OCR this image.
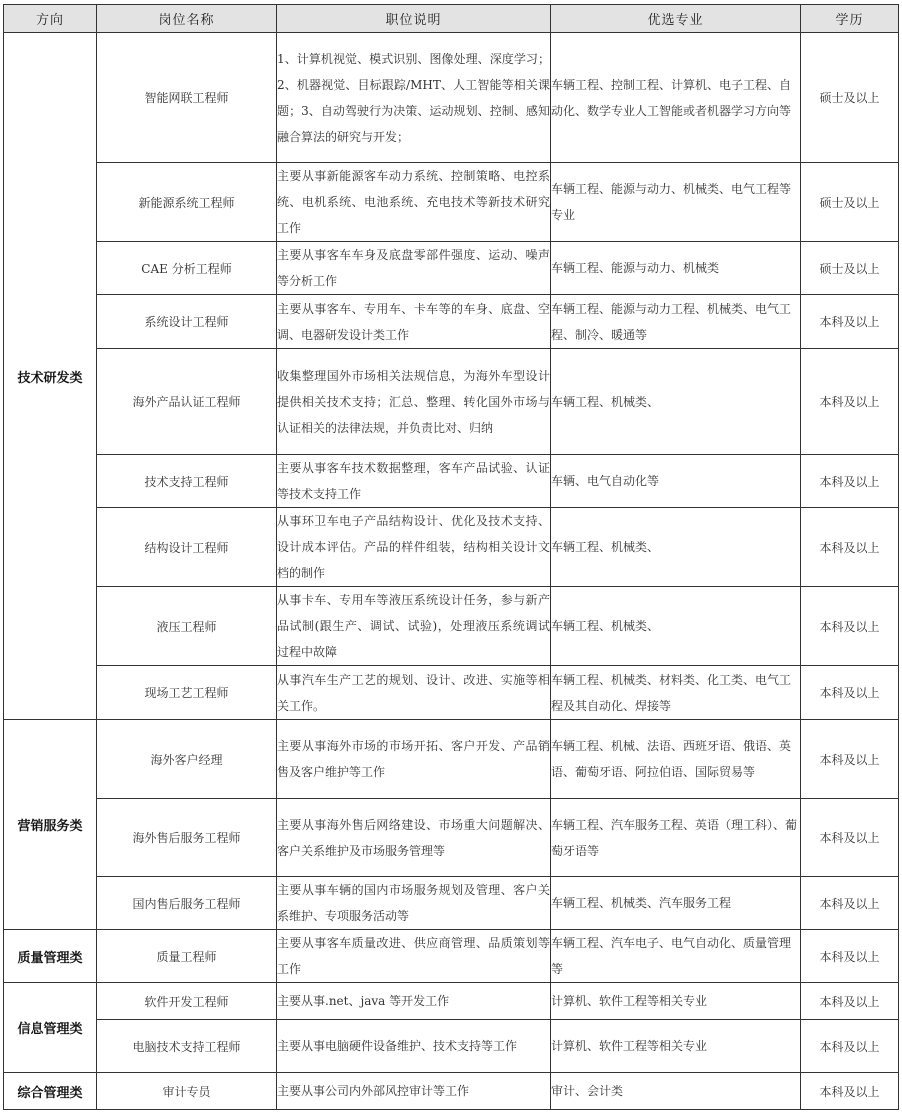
方向	岗位名称	职位说明	优选专业	学历
技术研发类	智能网联工程师	1、计算机视觉、模式识别、图像处理、深度学习；2、机器视觉、目标跟踪/MHT、人工智能等相关课题；3、自动驾驶行为决策、运动规划、控制、感知融合算法的研究与开发；	车辆工程、控制工程、计算机、电子工程、自动化、数学专业人工智能或者机器学习方向等	硕士及以上
	新能源系统工程师	主要从事新能源客车动力系统、控制策略、电控系统、电机系统、电池系统、充电技术等新技术研究工作	车辆工程、能源与动力、机械类、电气工程等专业	硕士及以上
	CAE 分析工程师	主要从事客车车身及底盘零部件强度、运动、噪声等分析工作	车辆工程、能源与动力、机械类	硕士及以上
	系统设计工程师	主要从事客车、专用车、卡车等的车身、底盘、空调、电器研发设计类工作	车辆工程、能源与动力工程、机械类、电气工程、制冷、暖通等	本科及以上
	海外产品认证工程师	收集整理国外市场相关法规信息，为海外车型设计提供相关技术支持；汇总、整理、转化国外市场与认证相关的法律法规，并负责比对、归纳	车辆工程、机械类、	本科及以上
	技术支持工程师	主要从事客车技术数据整理，客车产品试验、认证等技术支持工作	车辆、电气自动化等	本科及以上
	结构设计工程师	从事环卫车电子产品结构设计、优化及技术支持、设计成本评估。产品的样件组装，结构相关设计文档的制作	车辆工程、机械类、	本科及以上
	液压工程师	从事卡车、专用车等液压系统设计任务，参与新产品试制(跟生产、调试、试验)，处理液压系统调试过程中故障	车辆工程、机械类、	本科及以上
	现场工艺工程师	从事汽车生产工艺的规划、设计、改进、实施等相关工作。	车辆工程、机械类、材料类、化工类、电气工程及其自动化、焊接等	本科及以上
营销服务类	海外客户经理	主要从事海外市场的市场开拓、客户开发、产品销售及客户维护等工作	车辆工程、机械、法语、西班牙语、俄语、英语、葡萄牙语、阿拉伯语、国际贸易等	本科及以上
	海外售后服务工程师	主要从事海外售后网络建设、市场重大问题解决、客户关系维护及市场服务管理等	车辆工程、汽车服务工程、英语（理工科）、葡萄牙语等	本科及以上
	国内售后服务工程师	主要从事车辆的国内市场服务规划及管理、客户关系维护、专项服务活动等	车辆工程、机械类、汽车服务工程	本科及以上
质量管理类	质量工程师	主要从事客车质量改进、供应商管理、品质策划等工作	车辆工程、汽车电子、电气自动化、质量管理等	本科及以上
信息管理类	软件开发工程师	主要从事.net、java 等开发工作	计算机、软件工程等相关专业	本科及以上
	电脑技术支持工程师	主要从事电脑硬件设备维护、技术支持等工作	计算机、软件工程等相关专业	本科及以上
综合管理类	审计专员	主要从事公司内外部风控审计等工作	审计、会计类	本科及以上
